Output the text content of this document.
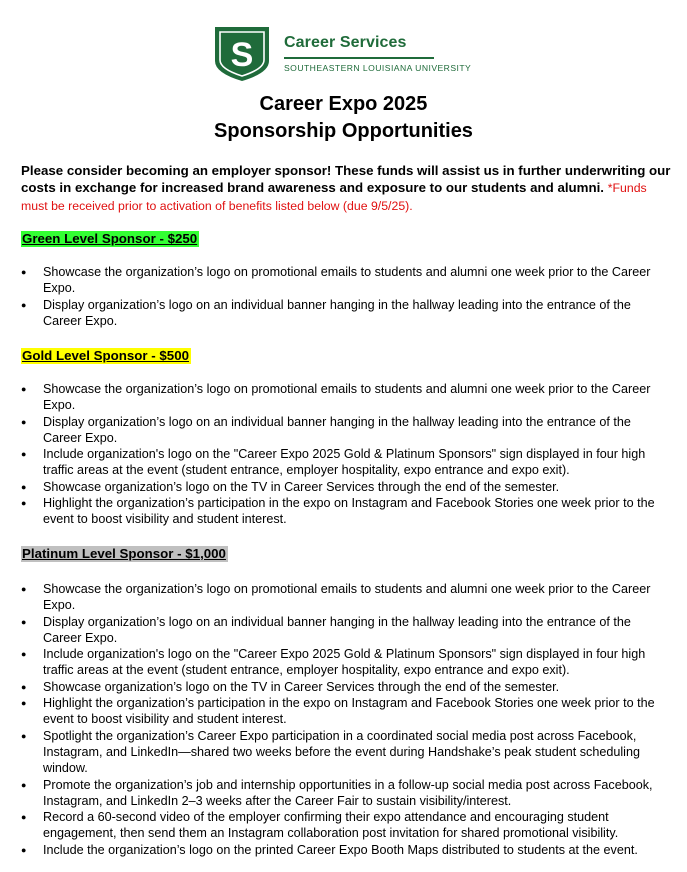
S Career Services
SOUTHEASTERN LOUISIANA UNIVERSITY
Career Expo 2025
Sponsorship Opportunities
Please consider becoming an employer sponsor! These funds will assist us in further underwriting our costs in exchange for increased brand awareness and exposure to our students and alumni. *Funds must be received prior to activation of benefits listed below (due 9/5/25).
Green Level Sponsor - $250
● Showcase the organization’s logo on promotional emails to students and alumni one week prior to the Career Expo.
● Display organization’s logo on an individual banner hanging in the hallway leading into the entrance of the Career Expo.
Gold Level Sponsor - $500
● Showcase the organization’s logo on promotional emails to students and alumni one week prior to the Career Expo.
● Display organization’s logo on an individual banner hanging in the hallway leading into the entrance of the Career Expo.
● Include organization's logo on the "Career Expo 2025 Gold & Platinum Sponsors" sign displayed in four high traffic areas at the event (student entrance, employer hospitality, expo entrance and expo exit).
● Showcase organization’s logo on the TV in Career Services through the end of the semester.
● Highlight the organization’s participation in the expo on Instagram and Facebook Stories one week prior to the event to boost visibility and student interest.
Platinum Level Sponsor - $1,000
● Showcase the organization’s logo on promotional emails to students and alumni one week prior to the Career Expo.
● Display organization’s logo on an individual banner hanging in the hallway leading into the entrance of the Career Expo.
● Include organization's logo on the "Career Expo 2025 Gold & Platinum Sponsors" sign displayed in four high traffic areas at the event (student entrance, employer hospitality, expo entrance and expo exit).
● Showcase organization’s logo on the TV in Career Services through the end of the semester.
● Highlight the organization’s participation in the expo on Instagram and Facebook Stories one week prior to the event to boost visibility and student interest.
● Spotlight the organization’s Career Expo participation in a coordinated social media post across Facebook, Instagram, and LinkedIn—shared two weeks before the event during Handshake’s peak student scheduling window.
● Promote the organization’s job and internship opportunities in a follow-up social media post across Facebook, Instagram, and LinkedIn 2–3 weeks after the Career Fair to sustain visibility/interest.
● Record a 60-second video of the employer confirming their expo attendance and encouraging student engagement, then send them an Instagram collaboration post invitation for shared promotional visibility.
● Include the organization’s logo on the printed Career Expo Booth Maps distributed to students at the event.
